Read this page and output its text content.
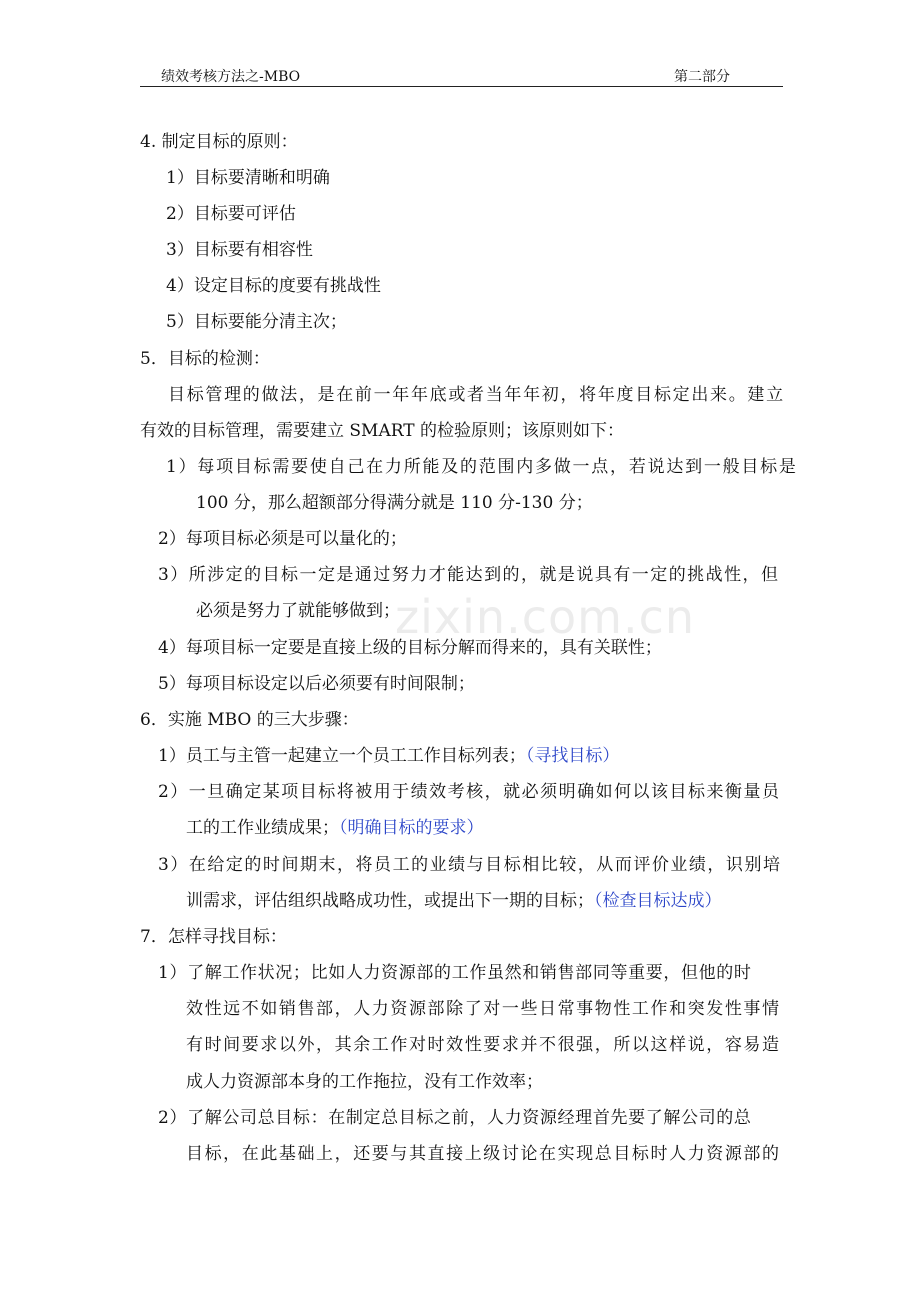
绩效考核方法之-MBO	第二部分
zixin.com.cn
4. 制定目标的原则：
1）目标要清晰和明确
2）目标要可评估
3）目标要有相容性
4）设定目标的度要有挑战性
5）目标要能分清主次；
5．目标的检测：
目标管理的做法，是在前一年年底或者当年年初，将年度目标定出来。建立
有效的目标管理，需要建立 SMART 的检验原则；该原则如下：
1）每项目标需要使自己在力所能及的范围内多做一点，若说达到一般目标是
100 分，那么超额部分得满分就是 110 分-130 分；
2）每项目标必须是可以量化的；
3）所涉定的目标一定是通过努力才能达到的，就是说具有一定的挑战性，但
必须是努力了就能够做到；
4）每项目标一定要是直接上级的目标分解而得来的，具有关联性；
5）每项目标设定以后必须要有时间限制；
6．实施 MBO 的三大步骤：
1）员工与主管一起建立一个员工工作目标列表；（寻找目标）
2）一旦确定某项目标将被用于绩效考核，就必须明确如何以该目标来衡量员
工的工作业绩成果；（明确目标的要求）
3）在给定的时间期末，将员工的业绩与目标相比较，从而评价业绩，识别培
训需求，评估组织战略成功性，或提出下一期的目标；（检查目标达成）
7．怎样寻找目标：
1）了解工作状况；比如人力资源部的工作虽然和销售部同等重要，但他的时
效性远不如销售部，人力资源部除了对一些日常事物性工作和突发性事情
有时间要求以外，其余工作对时效性要求并不很强，所以这样说，容易造
成人力资源部本身的工作拖拉，没有工作效率；
2）了解公司总目标：在制定总目标之前，人力资源经理首先要了解公司的总
目标，在此基础上，还要与其直接上级讨论在实现总目标时人力资源部的
